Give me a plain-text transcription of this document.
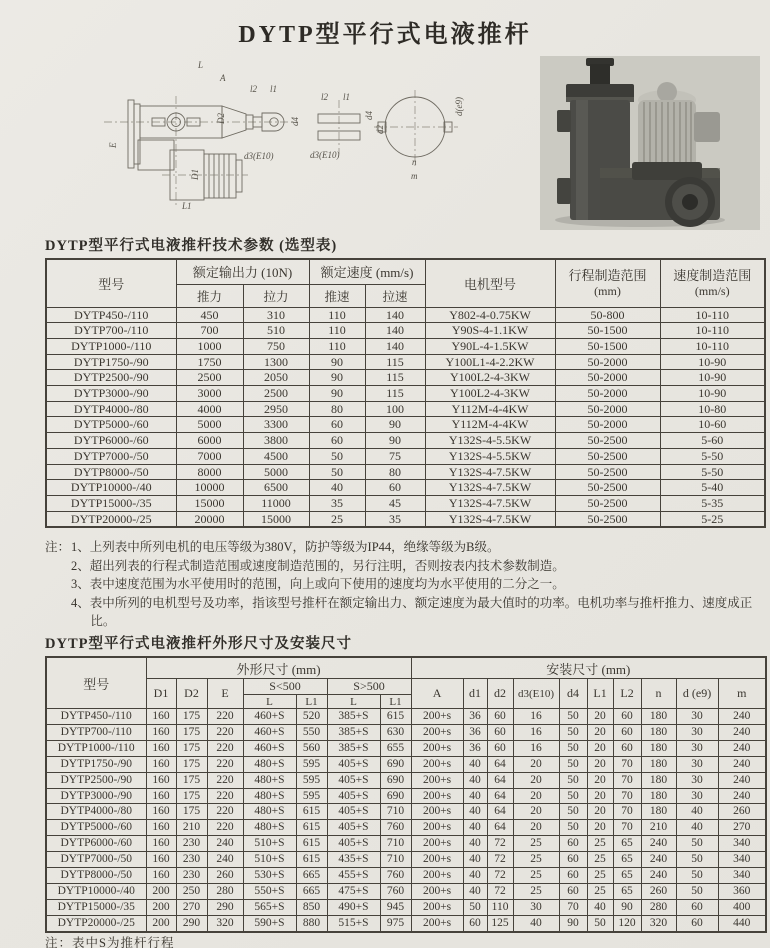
DYTP型平行式电液推杆
L
A
l2 l1
D2	d4
d3(E10)
E
D1
L1
l2 l1
d4
d2
d3(E10)
d(e9)
n
m
DYTP型平行式电液推杆技术参数 (选型表)
型号	额定输出力 (10N)		额定速度 (mm/s)		电机型号	行程制造范围
(mm)	速度制造范围
(mm/s)

	推力	拉力	推速	拉速			
DYTP450-/110	450	310	110	140	Y802-4-0.75KW	50-800	10-110
DYTP700-/110	700	510	110	140	Y90S-4-1.1KW	50-1500	10-110
DYTP1000-/110	1000	750	110	140	Y90L-4-1.5KW	50-1500	10-110
DYTP1750-/90	1750	1300	90	115	Y100L1-4-2.2KW	50-2000	10-90
DYTP2500-/90	2500	2050	90	115	Y100L2-4-3KW	50-2000	10-90
DYTP3000-/90	3000	2500	90	115	Y100L2-4-3KW	50-2000	10-90
DYTP4000-/80	4000	2950	80	100	Y112M-4-4KW	50-2000	10-80
DYTP5000-/60	5000	3300	60	90	Y112M-4-4KW	50-2000	10-60
DYTP6000-/60	6000	3800	60	90	Y132S-4-5.5KW	50-2500	5-60
DYTP7000-/50	7000	4500	50	75	Y132S-4-5.5KW	50-2500	5-50
DYTP8000-/50	8000	5000	50	80	Y132S-4-7.5KW	50-2500	5-50
DYTP10000-/40	10000	6500	40	60	Y132S-4-7.5KW	50-2500	5-40
DYTP15000-/35	15000	11000	35	45	Y132S-4-7.5KW	50-2500	5-35
DYTP20000-/25	20000	15000	25	35	Y132S-4-7.5KW	50-2500	5-25
注： 1、上列表中所列电机的电压等级为380V，防护等级为IP44，绝缘等级为B级。
2、超出列表的行程式制造范围或速度制造范围的，另行注明，否则按表内技术参数制造。
3、表中速度范围为水平使用时的范围，向上或向下使用的速度均为水平使用的二分之一。
4、表中所列的电机型号及功率，指该型号推杆在额定输出力、额定速度为最大值时的功率。电机功率与推杆推力、速度成正比。
DYTP型平行式电液推杆外形尺寸及安装尺寸
型号	外形尺寸 (mm)							安装尺寸 (mm)									
	D1	D2	E	S<500		S>500		A	d1	d2	d3(E10)	d4	L1	L2	n	d (e9)	m
				L	L1	L	L1										
DYTP450-/110	160	175	220	460+S	520	385+S	615	200+s	36	60	16	50	20	60	180	30	240
DYTP700-/110	160	175	220	460+S	550	385+S	630	200+s	36	60	16	50	20	60	180	30	240
DYTP1000-/110	160	175	220	460+S	560	385+S	655	200+s	36	60	16	50	20	60	180	30	240
DYTP1750-/90	160	175	220	480+S	595	405+S	690	200+s	40	64	20	50	20	70	180	30	240
DYTP2500-/90	160	175	220	480+S	595	405+S	690	200+s	40	64	20	50	20	70	180	30	240
DYTP3000-/90	160	175	220	480+S	595	405+S	690	200+s	40	64	20	50	20	70	180	30	240
DYTP4000-/80	160	175	220	480+S	615	405+S	710	200+s	40	64	20	50	20	70	180	40	260
DYTP5000-/60	160	210	220	480+S	615	405+S	760	200+s	40	64	20	50	20	70	210	40	270
DYTP6000-/60	160	230	240	510+S	615	405+S	710	200+s	40	72	25	60	25	65	240	50	340
DYTP7000-/50	160	230	240	510+S	615	435+S	710	200+s	40	72	25	60	25	65	240	50	340
DYTP8000-/50	160	230	260	530+S	665	455+S	760	200+s	40	72	25	60	25	65	240	50	340
DYTP10000-/40	200	250	280	550+S	665	475+S	760	200+s	40	72	25	60	25	65	260	50	360
DYTP15000-/35	200	270	290	565+S	850	490+S	945	200+s	50	110	30	70	40	90	280	60	400
DYTP20000-/25	200	290	320	590+S	880	515+S	975	200+s	60	125	40	90	50	120	320	60	440
注：表中S为推杆行程
